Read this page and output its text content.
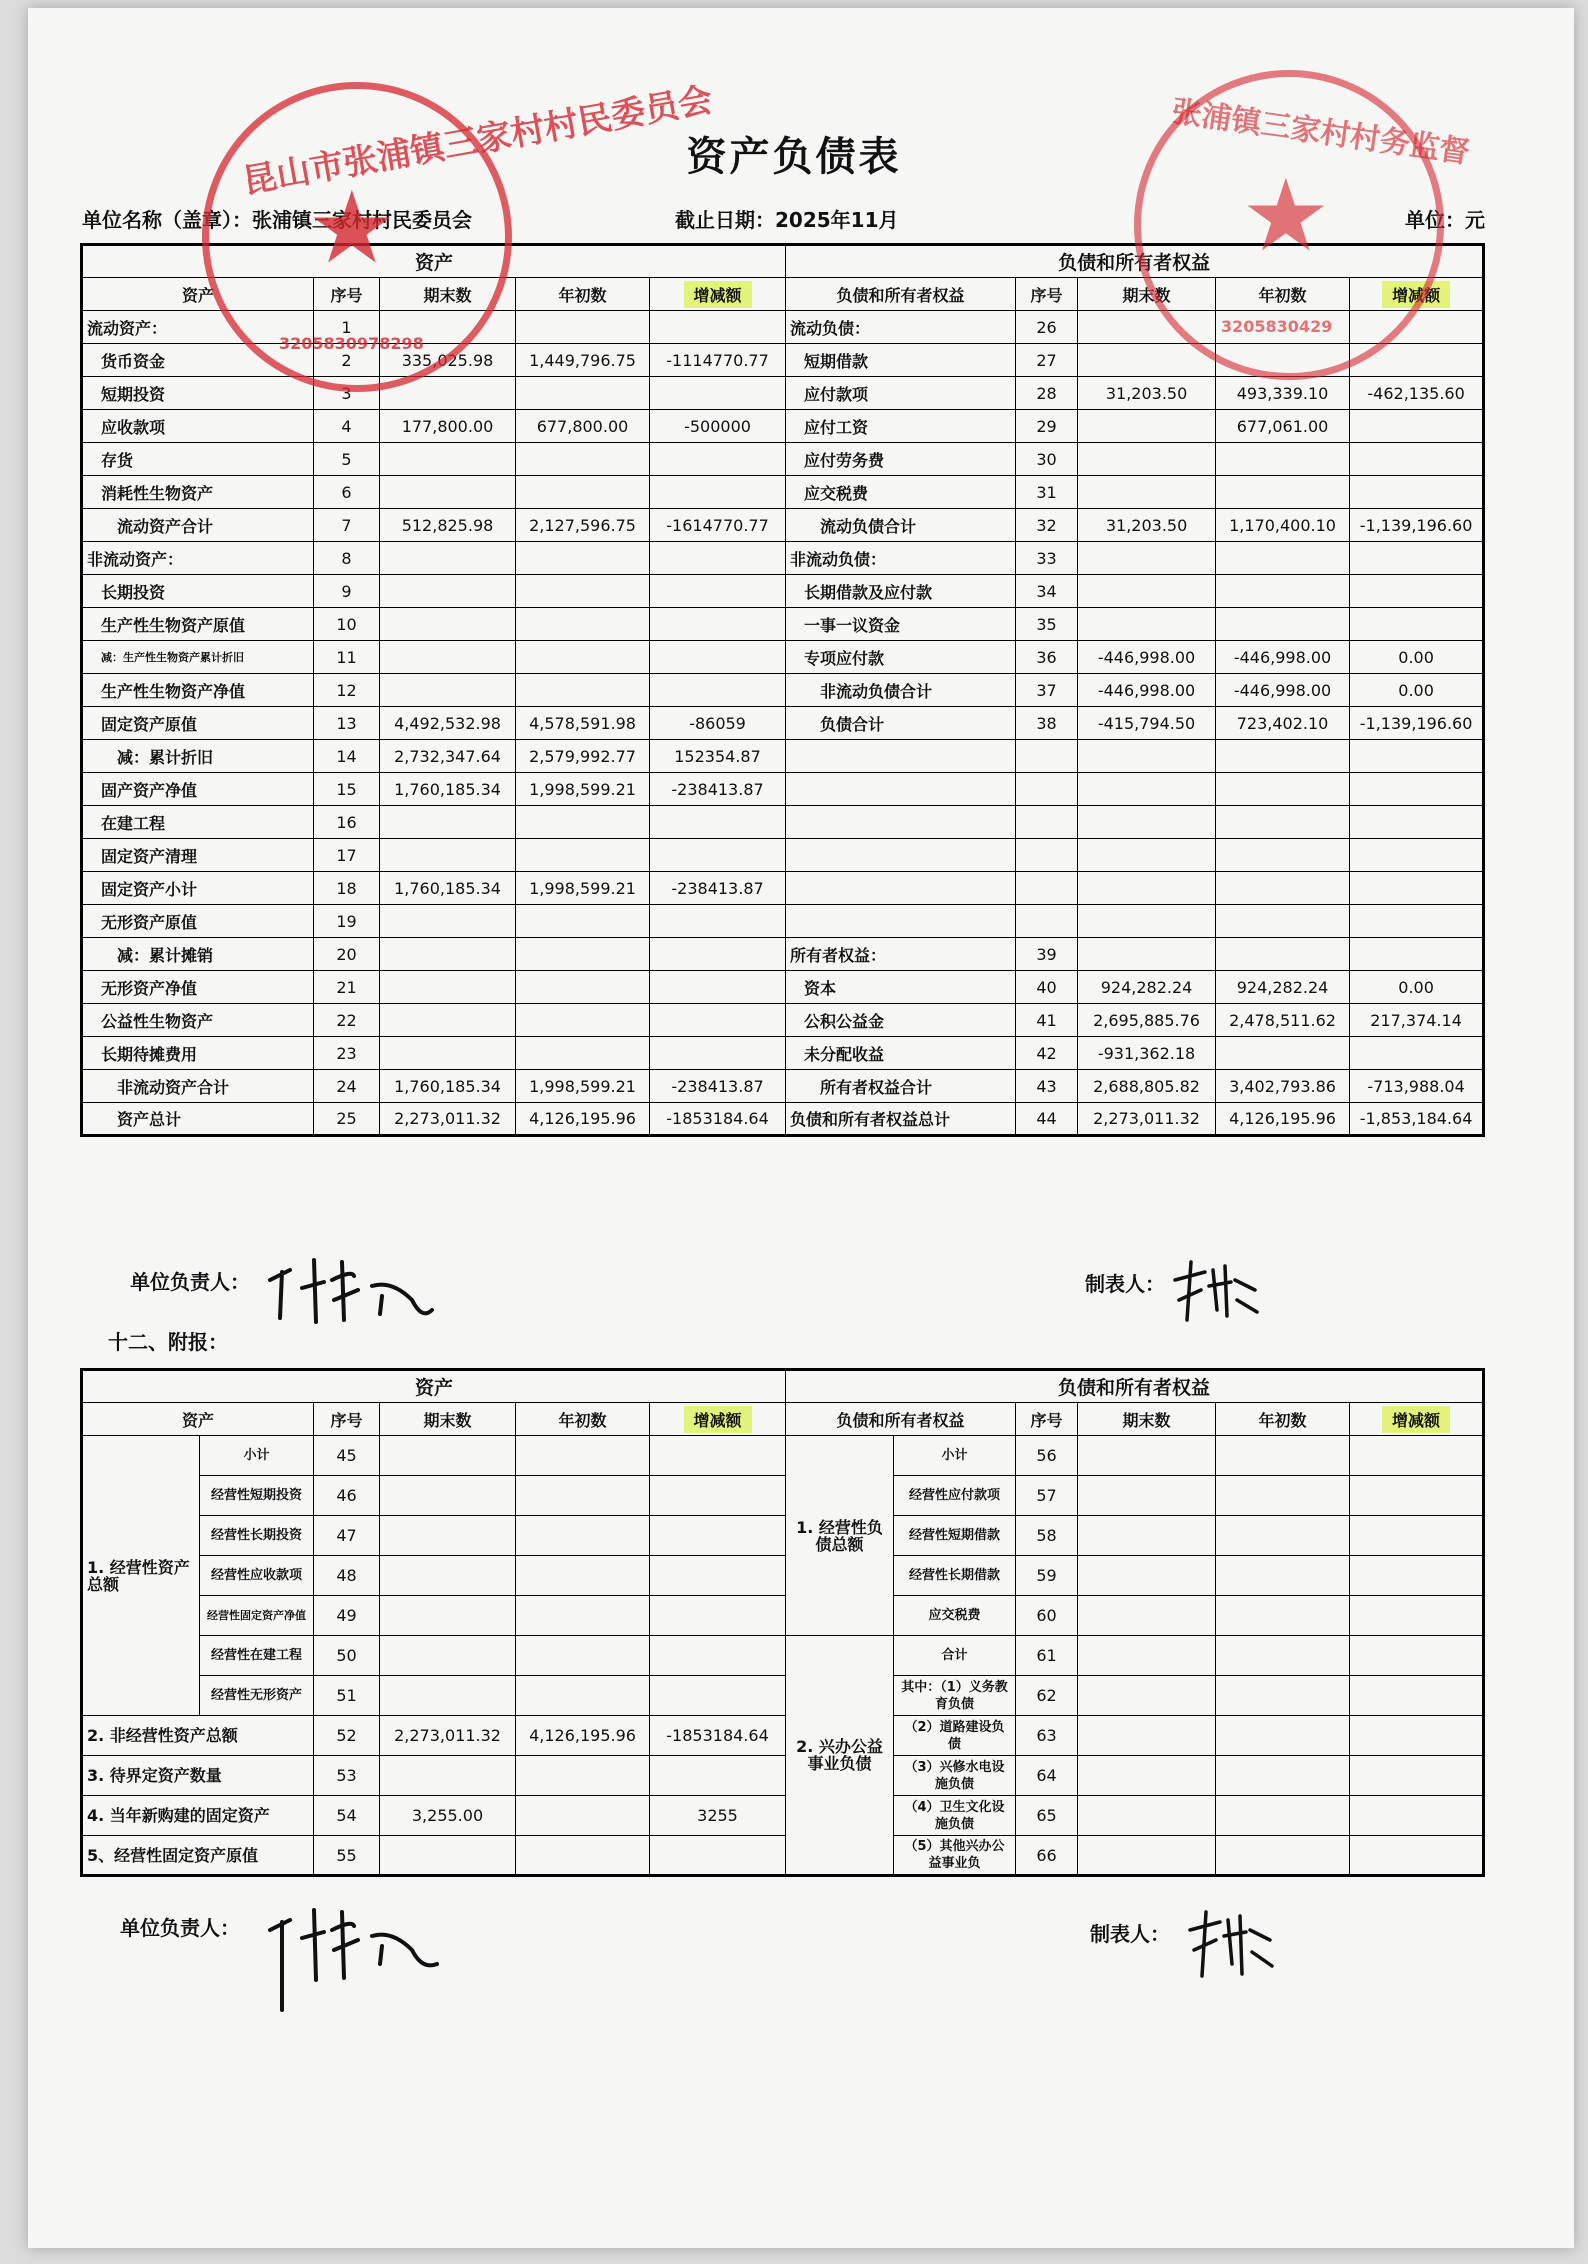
资产负债表
单位名称（盖章）：张浦镇三家村村民委员会	截止日期：2025年11月	单位：元
资产					负债和所有者权益				
资产	序号	期末数	年初数	增减额	负债和所有者权益	序号	期末数	年初数	增减额
流动资产：	1				流动负债：	26			
货币资金	2	335,025.98	1,449,796.75	-1114770.77	短期借款	27			
短期投资	3				应付款项	28	31,203.50	493,339.10	-462,135.60
应收款项	4	177,800.00	677,800.00	-500000	应付工资	29		677,061.00	
存货	5				应付劳务费	30			
消耗性生物资产	6				应交税费	31			
流动资产合计	7	512,825.98	2,127,596.75	-1614770.77	流动负债合计	32	31,203.50	1,170,400.10	-1,139,196.60
非流动资产：	8				非流动负债：	33			
长期投资	9				长期借款及应付款	34			
生产性生物资产原值	10				一事一议资金	35			
减：生产性生物资产累计折旧	11				专项应付款	36	-446,998.00	-446,998.00	0.00
生产性生物资产净值	12				非流动负债合计	37	-446,998.00	-446,998.00	0.00
固定资产原值	13	4,492,532.98	4,578,591.98	-86059	负债合计	38	-415,794.50	723,402.10	-1,139,196.60
减：累计折旧	14	2,732,347.64	2,579,992.77	152354.87					
固产资产净值	15	1,760,185.34	1,998,599.21	-238413.87					
在建工程	16								
固定资产清理	17								
固定资产小计	18	1,760,185.34	1,998,599.21	-238413.87					
无形资产原值	19								
减：累计摊销	20				所有者权益：	39			
无形资产净值	21				资本	40	924,282.24	924,282.24	0.00
公益性生物资产	22				公积公益金	41	2,695,885.76	2,478,511.62	217,374.14
长期待摊费用	23				未分配收益	42	-931,362.18		
非流动资产合计	24	1,760,185.34	1,998,599.21	-238413.87	所有者权益合计	43	2,688,805.82	3,402,793.86	-713,988.04
资产总计	25	2,273,011.32	4,126,195.96	-1853184.64	负债和所有者权益总计	44	2,273,011.32	4,126,195.96	-1,853,184.64
单位负责人：	制表人：
十二、附报：
资产						负债和所有者权益					
资产		序号	期末数	年初数	增减额	负债和所有者权益		序号	期末数	年初数	增减额
1. 经营性资产总额	小计	45				1. 经营性负债总额	小计	56			
	经营性短期投资	46					经营性应付款项	57			
	经营性长期投资	47					经营性短期借款	58			
	经营性应收款项	48					经营性长期借款	59			
	经营性固定资产净值	49					应交税费	60			
	经营性在建工程	50				2. 兴办公益事业负债	合计	61			
	经营性无形资产	51					其中：（1）义务教育负债	62			
2. 非经营性资产总额		52	2,273,011.32	4,126,195.96	-1853184.64		（2）道路建设负债	63			
3. 待界定资产数量		53					（3）兴修水电设施负债	64			
4. 当年新购建的固定资产		54	3,255.00		3255		（4）卫生文化设施负债	65			
5、经营性固定资产原值		55					（5）其他兴办公益事业负	66			
单位负责人：	制表人：
★
昆山市张浦镇三家村村民委员会
3205830978298
★
张浦镇三家村村务监督
3205830429
